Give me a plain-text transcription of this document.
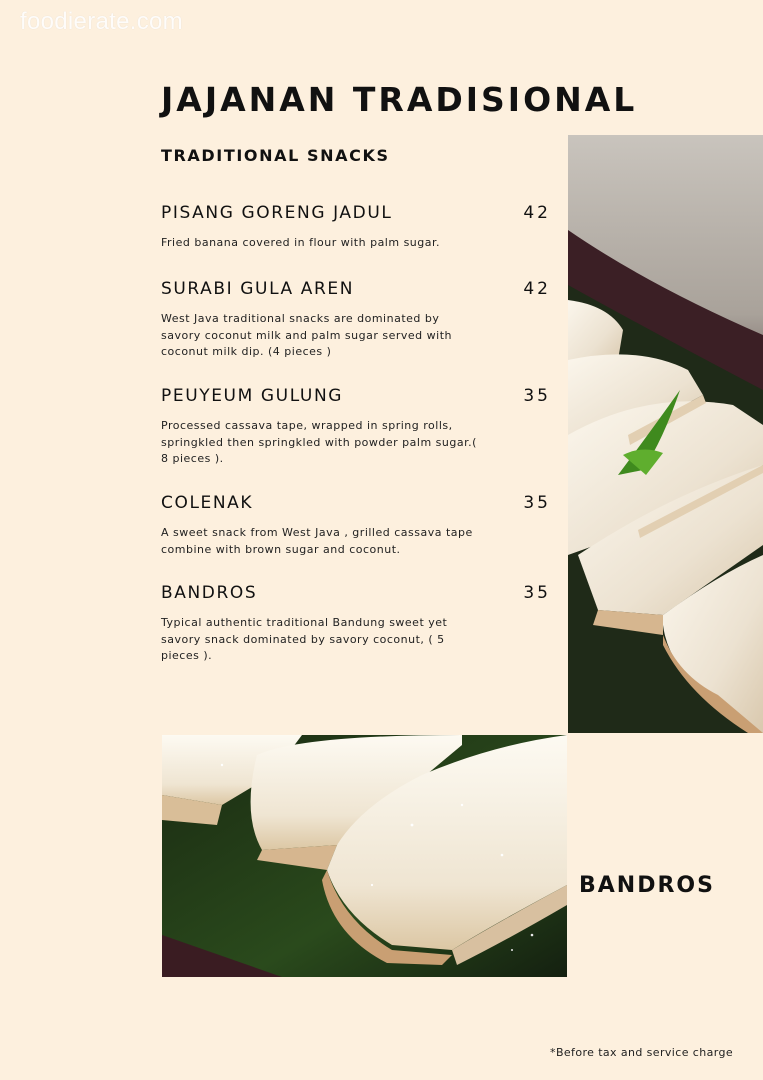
foodierate.com
JAJANAN TRADISIONAL
TRADITIONAL SNACKS
PISANG GORENG JADUL	42
Fried banana covered in flour with palm sugar.
SURABI GULA AREN	42
West Java traditional snacks are dominated by savory coconut milk and palm sugar served with coconut milk dip. (4 pieces )
PEUYEUM GULUNG	35
Processed cassava tape, wrapped in spring rolls, springkled then springkled with powder palm sugar.( 8 pieces ).
COLENAK	35
A sweet snack from West Java , grilled cassava tape combine with brown sugar and coconut.
BANDROS	35
Typical authentic traditional Bandung sweet yet savory snack dominated by savory coconut, ( 5 pieces ).
BANDROS
*Before tax and service charge
